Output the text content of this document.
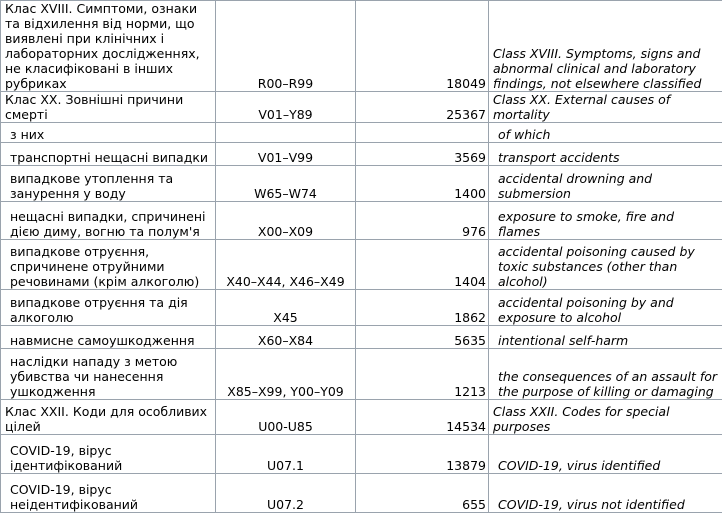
Клас XVIII. Симптоми, ознаки та відхилення від норми, що виявлені при клінічних і лабораторних дослідженнях, не класифіковані в інших рубриках	R00–R99	18049	Class XVIII. Symptoms, signs and abnormal clinical and laboratory findings, not elsewhere classified
Клас XX. Зовнішні причини смерті	V01–Y89	25367	Class XX. External causes of mortality
з них			of which
транспортні нещасні випадки	V01–V99	3569	transport accidents
випадкове утоплення та занурення у воду	W65–W74	1400	accidental drowning and submersion
нещасні випадки, спричинені дією диму, вогню та полум'я	X00–X09	976	exposure to smoke, fire and flames
випадкове отруєння, спричинене отруйними речовинами (крім алкоголю)	X40–X44, X46–X49	1404	accidental poisoning caused by toxic substances (other than alcohol)
випадкове отруєння та дія алкоголю	X45	1862	accidental poisoning by and exposure to alcohol
навмисне самоушкодження	X60–X84	5635	intentional self-harm
наслідки нападу з метою убивства чи нанесення ушкодження	X85–X99, Y00–Y09	1213	the consequences of an assault for the purpose of killing or damaging
Клас XXII. Коди для особливих цілей	U00-U85	14534	Class XXII. Codes for special purposes
COVID-19, вірус ідентифікований	U07.1	13879	COVID-19, virus identified
COVID-19, вірус неідентифікований	U07.2	655	COVID-19, virus not identified
